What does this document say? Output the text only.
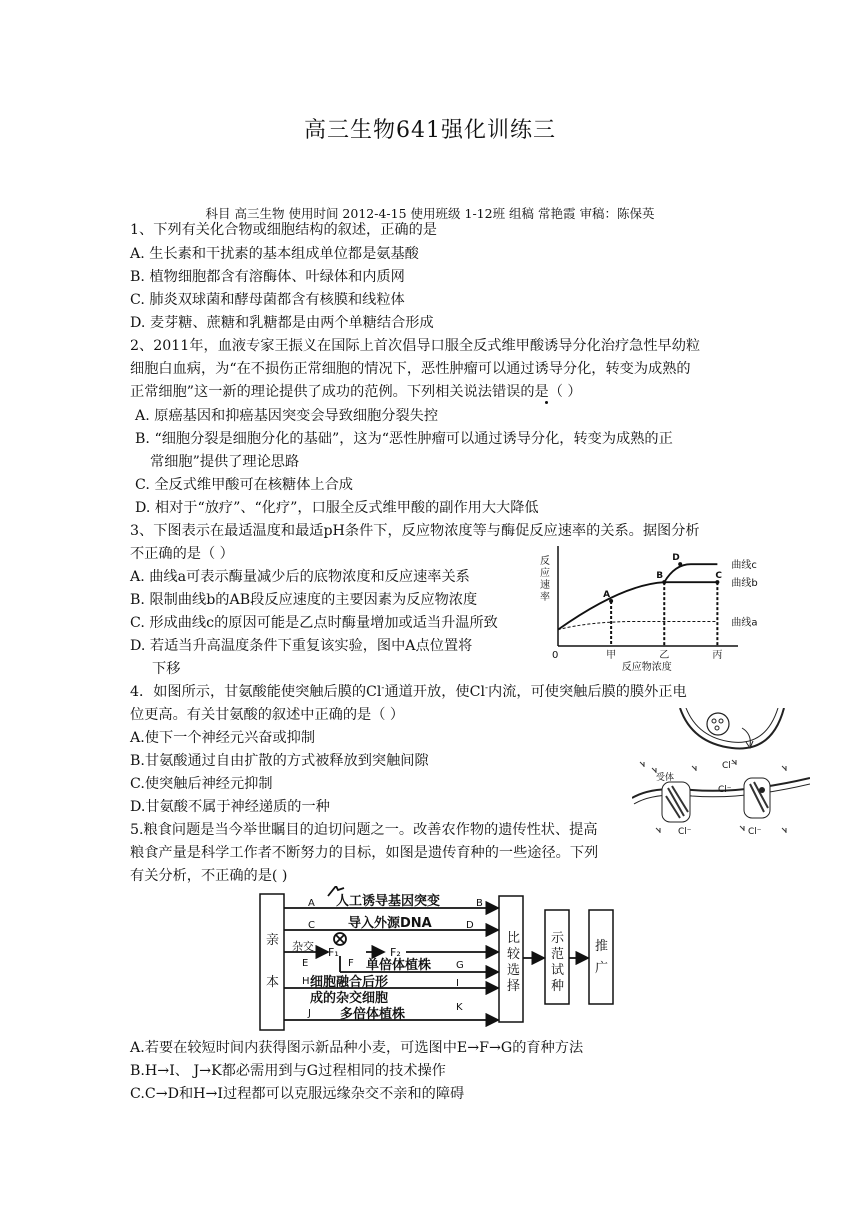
高三生物641强化训练三
科目 高三生物 使用时间 2012-4-15 使用班级 1-12班 组稿 常艳霞 审稿：陈保英
1、下列有关化合物或细胞结构的叙述，正确的是
A. 生长素和干扰素的基本组成单位都是氨基酸
B. 植物细胞都含有溶酶体、叶绿体和内质网
C. 肺炎双球菌和酵母菌都含有核膜和线粒体
D. 麦芽糖、蔗糖和乳糖都是由两个单糖结合形成
2、2011年，血液专家王振义在国际上首次倡导口服全反式维甲酸诱导分化治疗急性早幼粒
细胞白血病，为“在不损伤正常细胞的情况下，恶性肿瘤可以通过诱导分化，转变为成熟的
正常细胞”这一新的理论提供了成功的范例。下列相关说法错误的是（ ）
A. 原癌基因和抑癌基因突变会导致细胞分裂失控
B. “细胞分裂是细胞分化的基础”，这为“恶性肿瘤可以通过诱导分化，转变为成熟的正
常细胞”提供了理论思路
C. 全反式维甲酸可在核糖体上合成
D. 相对于“放疗”、“化疗”，口服全反式维甲酸的副作用大大降低
3、下图表示在最适温度和最适pH条件下，反应物浓度等与酶促反应速率的关系。据图分析
不正确的是（ ）
A. 曲线a可表示酶量减少后的底物浓度和反应速率关系
B. 限制曲线b的AB段反应速度的主要因素为反应物浓度
C. 形成曲线c的原因可能是乙点时酶量增加或适当升温所致
D. 若适当升高温度条件下重复该实验，图中A点位置将
下移
反
应
速
率
反应物浓度
0	甲	乙	丙
曲线c
曲线b
曲线a
A
B	C
D
4．如图所示，甘氨酸能使突触后膜的Cl-通道开放，使Cl-内流，可使突触后膜的膜外正电
位更高。有关甘氨酸的叙述中正确的是（ ）
A.使下一个神经元兴奋或抑制
B.甘氨酸通过自由扩散的方式被释放到突触间隙
C.使突触后神经元抑制
D.甘氨酸不属于神经递质的一种
受体
Cl⁻
Cl⁻
Cl⁻	Cl⁻
5.粮食问题是当今举世瞩目的迫切问题之一。改善农作物的遗传性状、提高
粮食产量是科学工作者不断努力的目标，如图是遗传育种的一些途径。下列
有关分析，不正确的是( )
亲
本
人工诱导基因突变
导入外源DNA
单倍体植株
细胞融合后形
成的杂交细胞
多倍体植株
杂交 F₁	F₂
比
较
选
择
示
范
试
种
推
广
A	B
C	D
E	F	G
H	I
J
K
A.若要在较短时间内获得图示新品种小麦，可选图中E→F→G的育种方法
B.H→I、 J→K都必需用到与G过程相同的技术操作
C.C→D和H→I过程都可以克服远缘杂交不亲和的障碍
